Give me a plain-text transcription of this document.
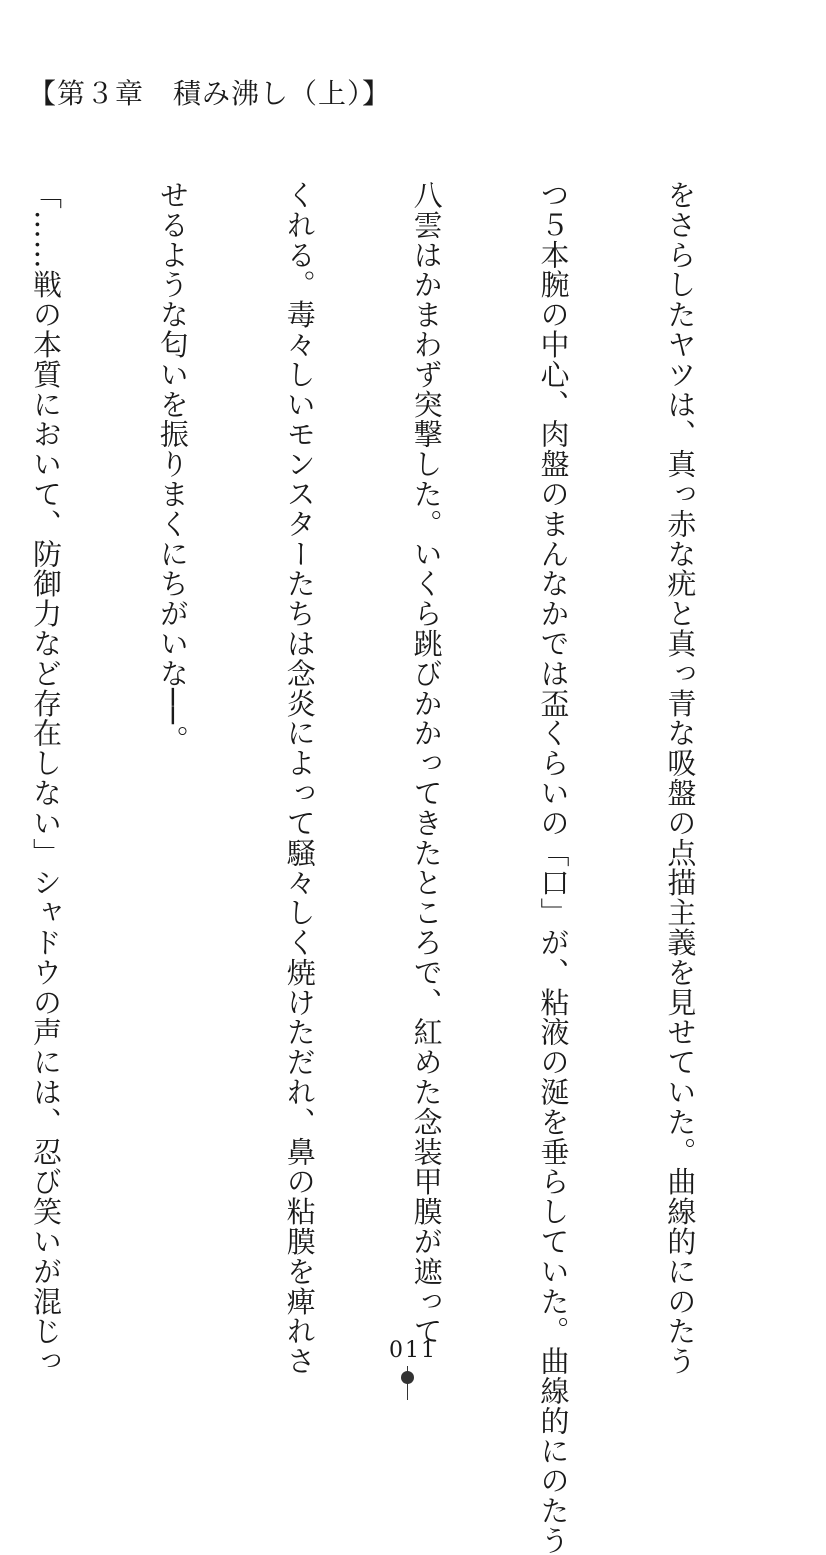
【第３章　積み沸し（上）】

をさらしたヤツは、真っ赤な疣と真っ青な吸盤の点描主義を見せていた。曲線的にのたう

つ５本腕の中心、肉盤のまんなかでは盃くらいの「口」が、粘液の涎を垂らしていた。曲線的にのたう

八雲はかまわず突撃した。いくら跳びかかってきたところで、紅めた念装甲膜が遮って

くれる。毒々しいモンスターたちは念炎によって騒々しく焼けただれ、鼻の粘膜を痺れさ

せるような匂いを振りまくにちがいな──。

「……戦の本質において、防御力など存在しない」シャドウの声には、忍び笑いが混じっ

	011
